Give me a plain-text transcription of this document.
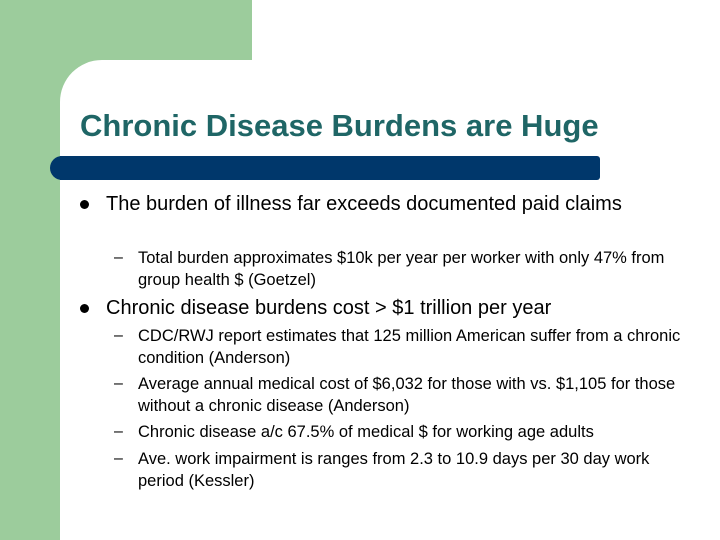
Chronic Disease Burdens are Huge
The burden of illness far exceeds documented paid claims
– Total burden approximates $10k per year per worker with only 47% from group health $ (Goetzel)
Chronic disease burdens cost > $1 trillion per year
– CDC/RWJ report estimates that 125 million American suffer from a chronic condition (Anderson)
– Average annual medical cost of $6,032 for those with vs. $1,105 for those without a chronic disease (Anderson)
– Chronic disease a/c 67.5% of medical $ for working age adults
– Ave. work impairment is ranges from 2.3 to 10.9 days per 30 day work period (Kessler)
